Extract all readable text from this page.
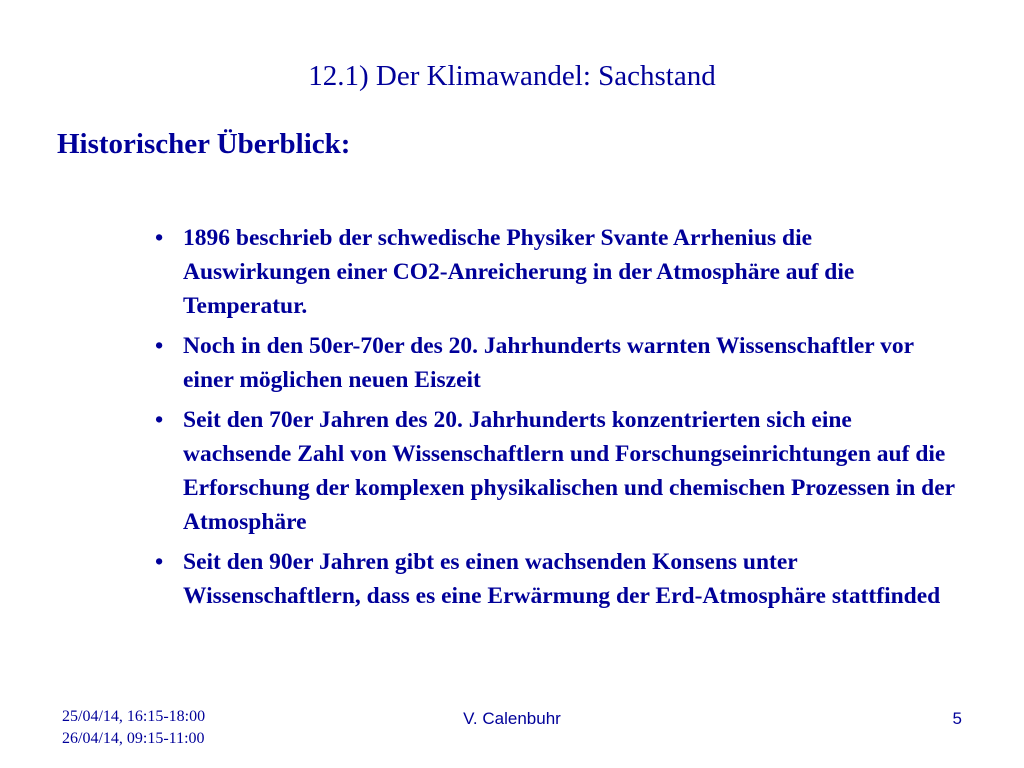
12.1) Der Klimawandel: Sachstand
Historischer Überblick:
• 1896 beschrieb der schwedische Physiker Svante Arrhenius die Auswirkungen einer CO2-Anreicherung in der Atmosphäre auf die Temperatur.
• Noch in den 50er-70er des 20. Jahrhunderts warnten Wissenschaftler vor einer möglichen neuen Eiszeit
• Seit den 70er Jahren des 20. Jahrhunderts konzentrierten sich eine wachsende Zahl von Wissenschaftlern und Forschungseinrichtungen auf die Erforschung der komplexen physikalischen und chemischen Prozessen in der Atmosphäre
• Seit den 90er Jahren gibt es einen wachsenden Konsens unter Wissenschaftlern, dass es eine Erwärmung der Erd-Atmosphäre stattfinded
25/04/14, 16:15-18:00
26/04/14, 09:15-11:00
V. Calenbuhr	5
